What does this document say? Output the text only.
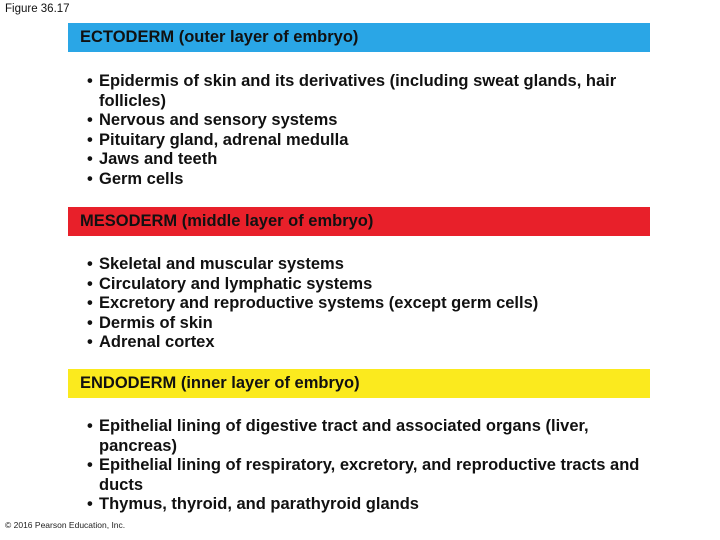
Figure 36.17
ECTODERM (outer layer of embryo)
• Epidermis of skin and its derivatives (including sweat glands, hair follicles)
• Nervous and sensory systems
• Pituitary gland, adrenal medulla
• Jaws and teeth
• Germ cells
MESODERM (middle layer of embryo)
• Skeletal and muscular systems
• Circulatory and lymphatic systems
• Excretory and reproductive systems (except germ cells)
• Dermis of skin
• Adrenal cortex
ENDODERM (inner layer of embryo)
• Epithelial lining of digestive tract and associated organs (liver, pancreas)
• Epithelial lining of respiratory, excretory, and reproductive tracts and ducts
• Thymus, thyroid, and parathyroid glands
© 2016 Pearson Education, Inc.
